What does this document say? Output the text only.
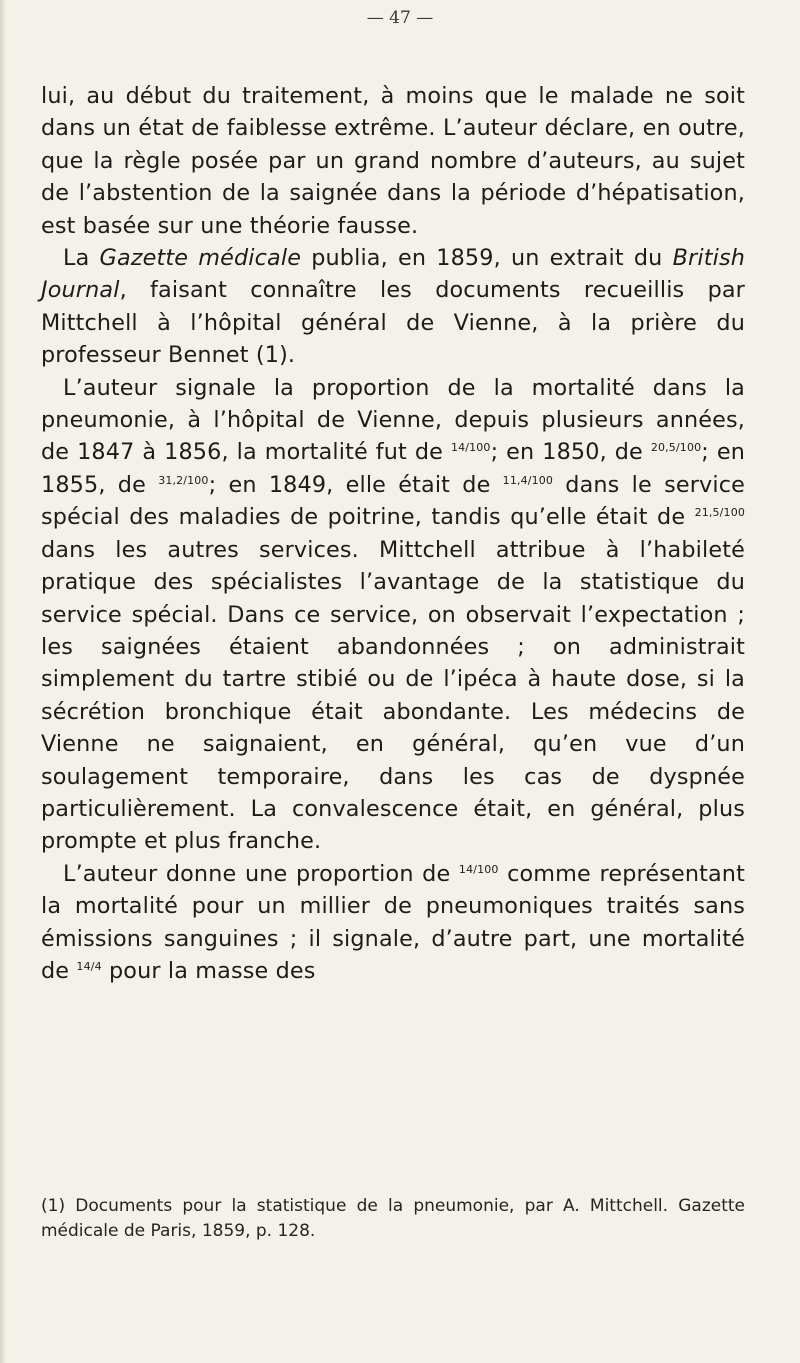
— 47 —

lui, au début du traitement, à moins que le malade ne soit dans un état de faiblesse extrême. L’auteur déclare, en outre, que la règle posée par un grand nombre d’auteurs, au sujet de l’abstention de la saignée dans la période d’hépatisation, est basée sur une théorie fausse.

La Gazette médicale publia, en 1859, un extrait du British Journal, faisant connaître les documents recueillis par Mittchell à l’hôpital général de Vienne, à la prière du professeur Bennet (1).

L’auteur signale la proportion de la mortalité dans la pneumonie, à l’hôpital de Vienne, depuis plusieurs années, de 1847 à 1856, la mortalité fut de $^{14/100}$; en 1850, de $^{20,5/100}$; en 1855, de $^{31,2/100}$; en 1849, elle était de $^{11,4/100}$ dans le service spécial des maladies de poitrine, tandis qu’elle était de $^{21,5/100}$ dans les autres services. Mittchell attribue à l’habileté pratique des spécialistes l’avantage de la statistique du service spécial. Dans ce service, on observait l’expectation ; les saignées étaient abandonnées ; on administrait simplement du tartre stibié ou de l’ipéca à haute dose, si la sécrétion bronchique était abondante. Les médecins de Vienne ne saignaient, en général, qu’en vue d’un soulagement temporaire, dans les cas de dyspnée particulièrement. La convalescence était, en général, plus prompte et plus franche.

L’auteur donne une proportion de $^{14/100}$ comme représentant la mortalité pour un millier de pneumoniques traités sans émissions sanguines ; il signale, d’autre part, une mortalité de $^{14/4}$ pour la masse des

(1) Documents pour la statistique de la pneumonie, par A. Mittchell. Gazette médicale de Paris, 1859, p. 128.
